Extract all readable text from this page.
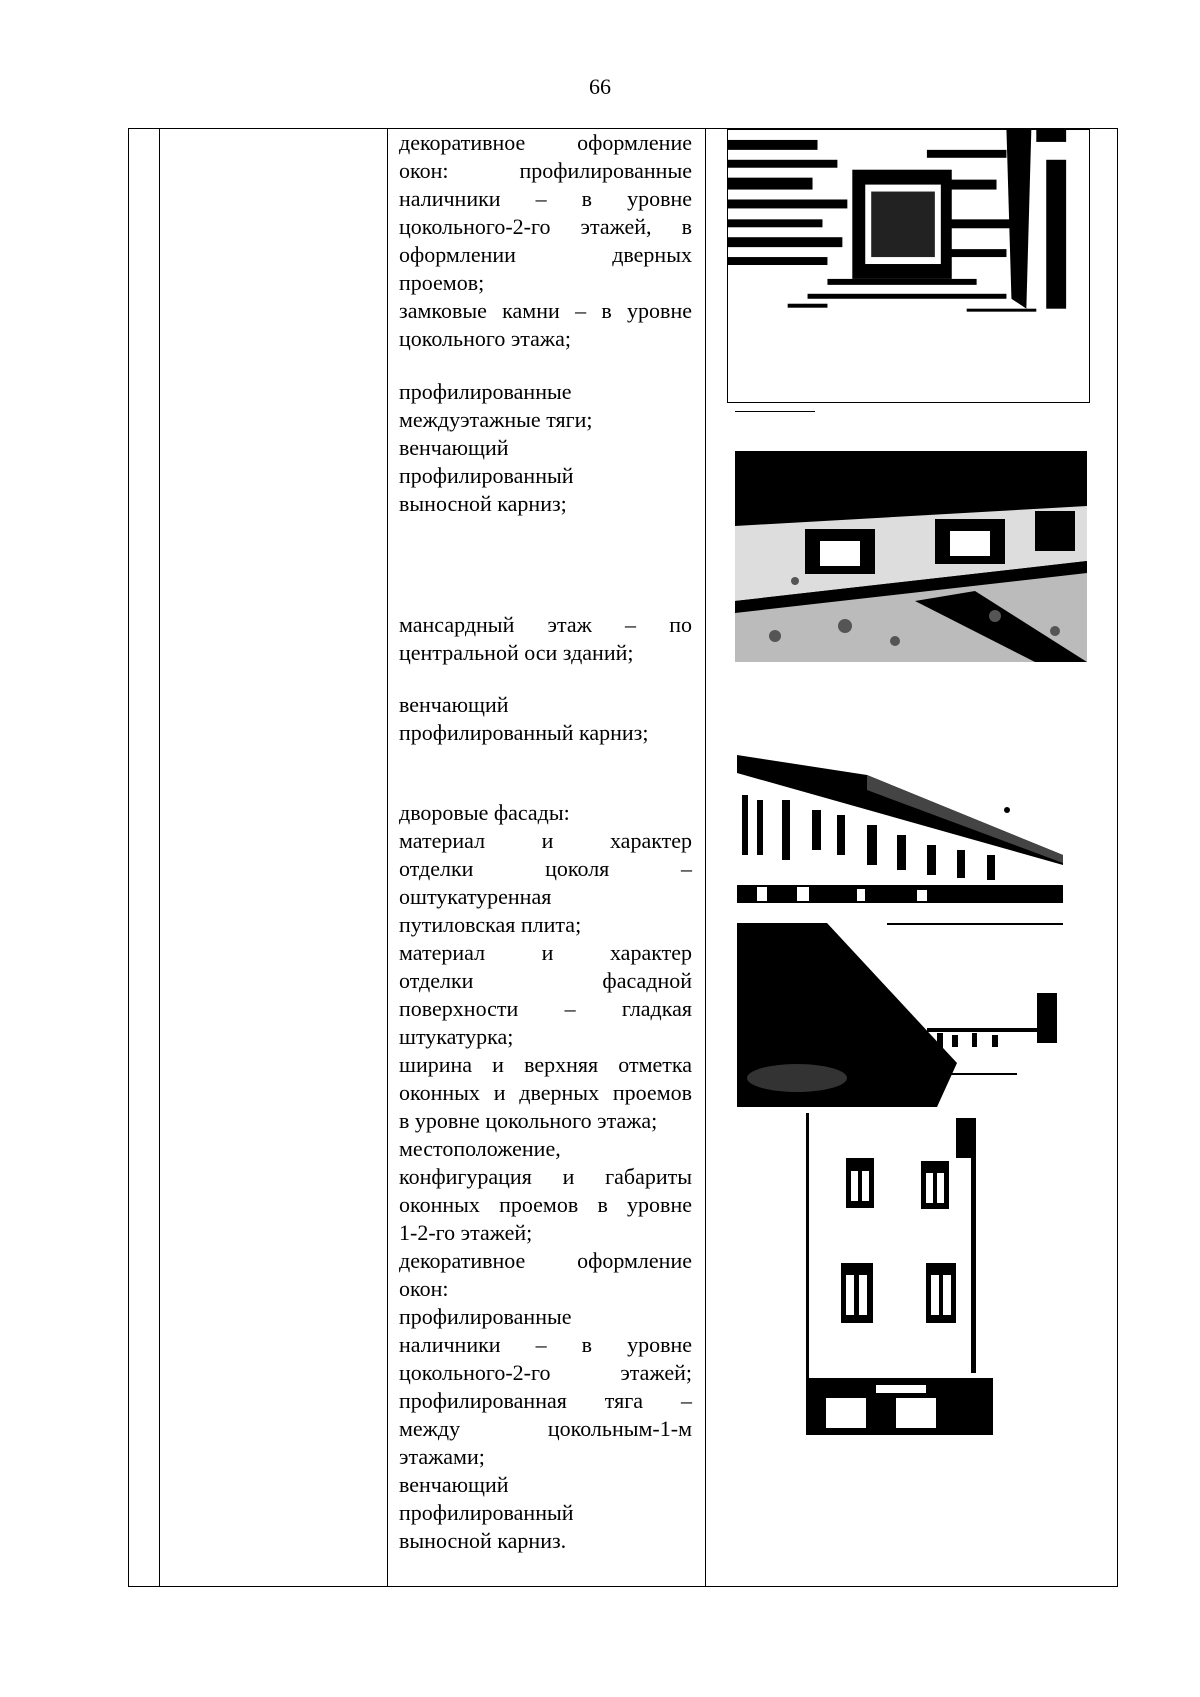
66

декоративное оформление

окон: профилированные

наличники – в уровне

цокольного-2-го этажей, в

оформлении дверных

проемов;

замковые камни – в уровне

цокольного этажа;

профилированные

междуэтажные тяги;

венчающий

профилированный

выносной карниз;

мансардный этаж – по

центральной оси зданий;

венчающий

профилированный карниз;

дворовые фасады:

материал и характер

отделки цоколя –

оштукатуренная

путиловская плита;

материал и характер

отделки фасадной

поверхности – гладкая

штукатурка;

ширина и верхняя отметка

оконных и дверных проемов

в уровне цокольного этажа;

местоположение,

конфигурация и габариты

оконных проемов в уровне

1-2-го этажей;

декоративное оформление

окон:

профилированные

наличники – в уровне

цокольного-2-го этажей;

профилированная тяга –

между цокольным-1-м

этажами;

венчающий

профилированный

выносной карниз.
